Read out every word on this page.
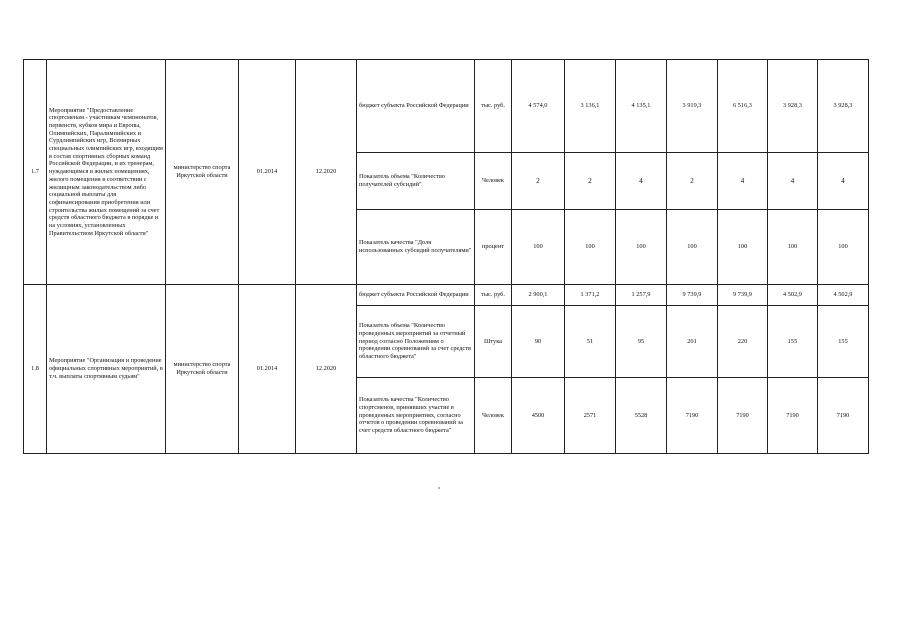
1.7	Мероприятие "Предоставление спортсменам - участникам чемпионатов, первенств, кубков мира и Европы, Олимпийских, Паралимпийских и Сурдлимпийских игр, Всемирных специальных олимпийских игр, входящим в состав спортивных сборных команд Российской Федерации, и их тренерам, нуждающимся в жилых помещениях, жилого помещения в соответствии с жилищным законодательством либо социальной выплаты для софинансирования приобретения или строительства жилых помещений за счет средств областного бюджета в порядке и на условиях, установленных Правительством Иркутской области"	министерство спорта Иркутской области	01.2014	12.2020	бюджет субъекта Российской Федерации	тыс. руб.	4 574,0	3 136,1	4 135,1	3 919,3	6 516,3	3 928,3	3 928,3
					Показатель объема "Количество получателей субсидий"	Человек	2	2	4	2	4	4	4
					Показатель качества "Доля использованных субсидий получателями"	процент	100	100	100	100	100	100	100
1.8	Мероприятие "Организация и проведение официальных спортивных мероприятий, в т.ч. выплаты спортивным судьям"	министерство спорта Иркутской области	01.2014	12.2020	бюджет субъекта Российской Федерации	тыс. руб.	2 900,1	1 371,2	1 257,9	9 739,9	9 739,9	4 502,9	4 502,9
					Показатель объема "Количество проведенных мероприятий за отчетный период согласно Положениям о проведении соревнований за счет средств областного бюджета"	Штука	90	51	95	201	220	155	155
					Показатель качества "Количество спортсменов, принявших участие в проведенных мероприятиях, согласно отчетов о проведении соревнований за счет средств областного бюджета"	Человек	4500	2571	5528	7190	7190	7190	7190
